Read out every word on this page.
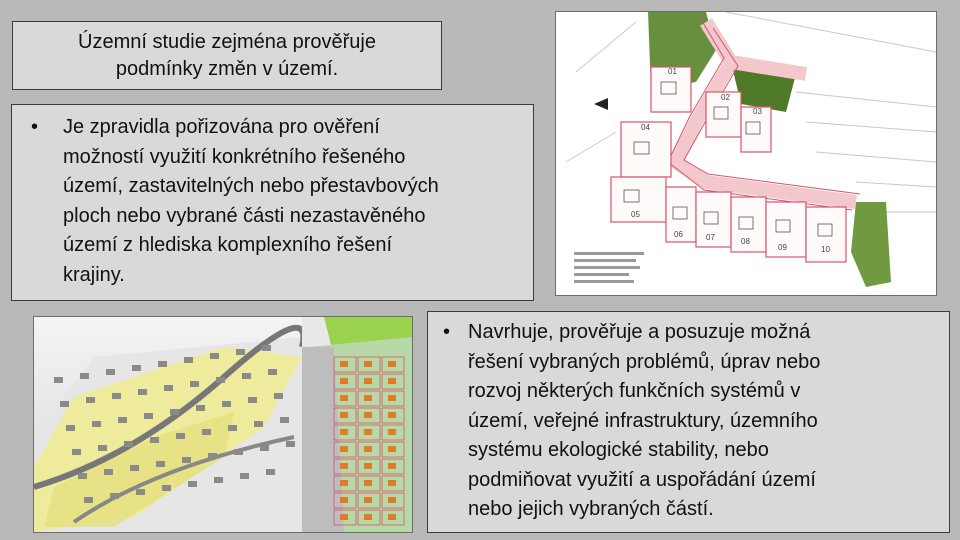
Územní studie zejména prověřuje
podmínky změn v území.
• Je zpravidla pořizována pro ověření
možností využití konkrétního řešeného
území, zastavitelných nebo přestavbových
ploch nebo vybrané části nezastavěného
území z hlediska komplexního řešení
krajiny.
• Navrhuje, prověřuje a posuzuje možná
řešení vybraných problémů, úprav nebo
rozvoj některých funkčních systémů v
území, veřejné infrastruktury, územního
systému ekologické stability, nebo
podmiňovat využití a uspořádání území
nebo jejich vybraných částí.
01
02
03
04
05
06	07	08
09	10
